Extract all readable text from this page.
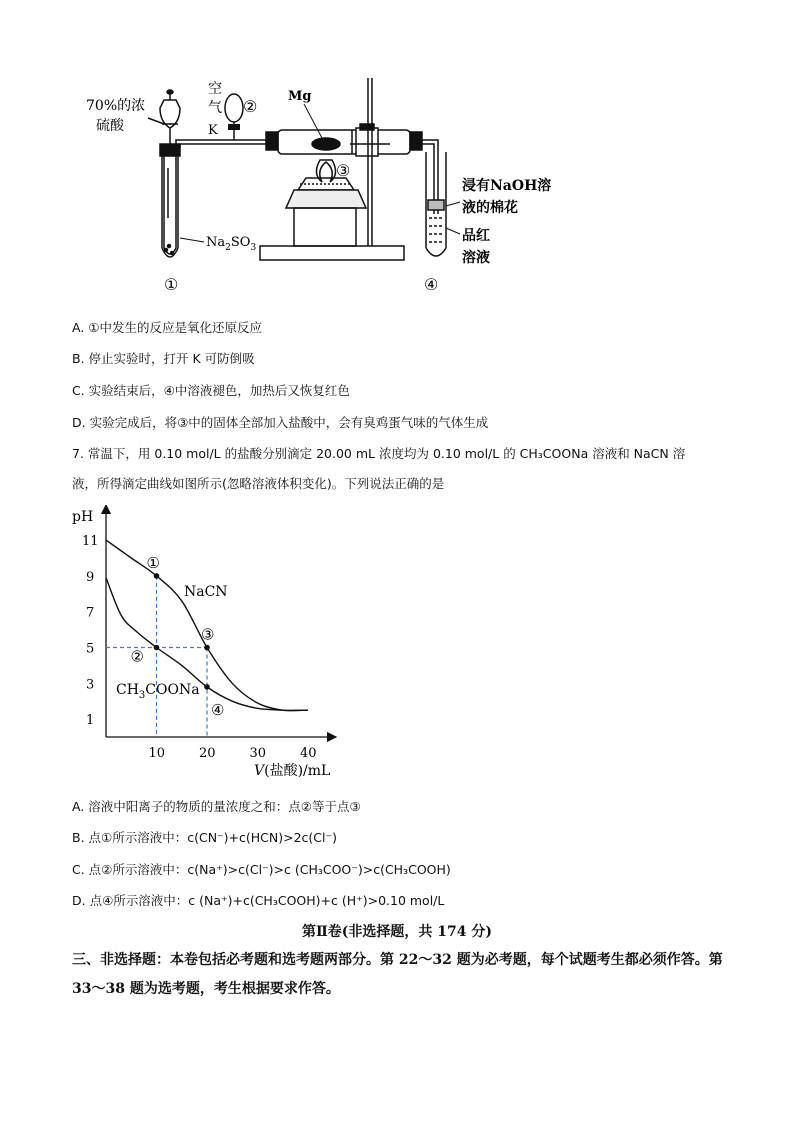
70%的浓
硫酸
$Na_2SO_3$
①
空
气
K
②
Mg
③
浸有NaOH溶
液的棉花
品红
溶液
④
A. ①中发生的反应是氧化还原反应
B. 停止实验时，打开 K 可防倒吸
C. 实验结束后，④中溶液褪色，加热后又恢复红色
D. 实验完成后，将③中的固体全部加入盐酸中，会有臭鸡蛋气味的气体生成
7. 常温下，用 0.10 mol/L 的盐酸分别滴定 20.00 mL 浓度均为 0.10 mol/L 的 CH₃COONa 溶液和 NaCN 溶
液，所得滴定曲线如图所示(忽略溶液体积变化)。下列说法正确的是
pH
V(盐酸)/mL
10	20	30	40
1
3
5
7
9
11
①
②
③
④
NaCN
$CH_3COONa$
A. 溶液中阳离子的物质的量浓度之和：点②等于点③
B. 点①所示溶液中：c(CN⁻)+c(HCN)>2c(Cl⁻)
C. 点②所示溶液中：c(Na⁺)>c(Cl⁻)>c (CH₃COO⁻)>c(CH₃COOH)
D. 点④所示溶液中：c (Na⁺)+c(CH₃COOH)+c (H⁺)>0.10 mol/L
第Ⅱ卷(非选择题，共 174 分)
三、非选择题：本卷包括必考题和选考题两部分。第 22～32 题为必考题，每个试题考生都必须作答。第 33～38 题为选考题，考生根据要求作答。
